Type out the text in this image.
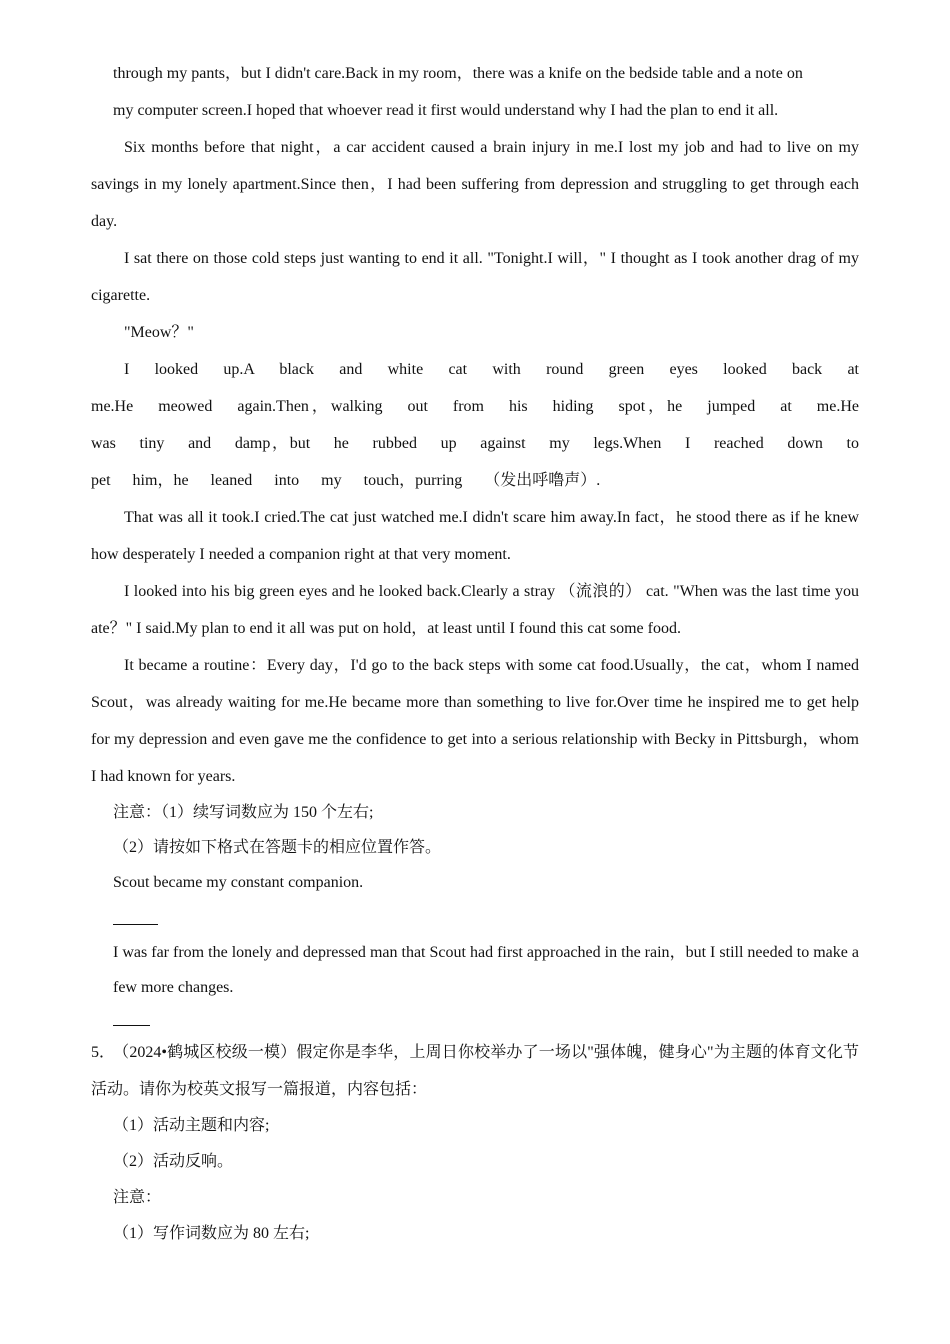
through my pants，but I didn't care.Back in my room，there was a knife on the bedside table and a note on

my computer screen.I hoped that whoever read it first would understand why I had the plan to end it all.

Six months before that night，a car accident caused a brain injury in me.I lost my job and had to live on my savings in my lonely apartment.Since then，I had been suffering from depression and struggling to get through each day.

I sat there on those cold steps just wanting to end it all. "Tonight.I will，" I thought as I took another drag of my cigarette.

"Meow？"

I looked up.A black and white cat with round green eyes looked back at me.He meowed again.Then，walking out from his hiding spot，he jumped at me.He was tiny and damp，but he rubbed up against my legs.When I reached down to pet him，he leaned into my touch，purring （发出呼噜声）.

That was all it took.I cried.The cat just watched me.I didn't scare him away.In fact，he stood there as if he knew how desperately I needed a companion right at that very moment.

I looked into his big green eyes and he looked back.Clearly a stray （流浪的） cat. "When was the last time you ate？" I said.My plan to end it all was put on hold，at least until I found this cat some food.

It became a routine：Every day，I'd go to the back steps with some cat food.Usually，the cat，whom I named Scout，was already waiting for me.He became more than something to live for.Over time he inspired me to get help for my depression and even gave me the confidence to get into a serious relationship with Becky in Pittsburgh，whom I had known for years.

注意：（1）续写词数应为 150 个左右;

（2）请按如下格式在答题卡的相应位置作答。

Scout became my constant companion.

I was far from the lonely and depressed man that Scout had first approached in the rain，but I still needed to make a few more changes.

5．（2024•鹤城区校级一模）假定你是李华，上周日你校举办了一场以"强体魄，健身心"为主题的体育文化节活动。请你为校英文报写一篇报道，内容包括：

（1）活动主题和内容;

（2）活动反响。

注意：

（1）写作词数应为 80 左右;
